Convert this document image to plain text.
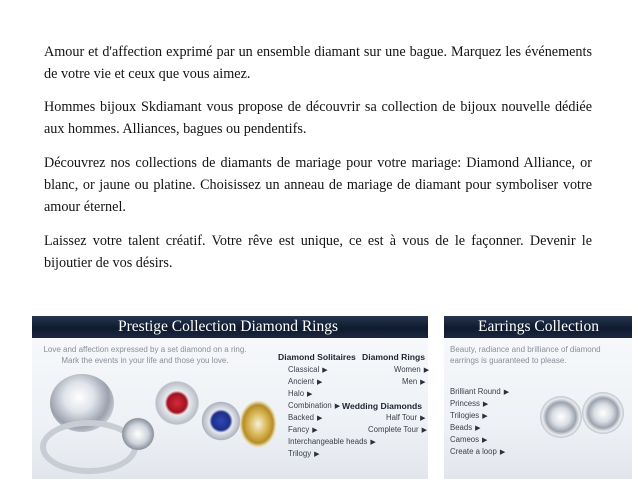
Amour et d'affection exprimé par un ensemble diamant sur une bague. Marquez les événements de votre vie et ceux que vous aimez.

Hommes bijoux Skdiamant vous propose de découvrir sa collection de bijoux nouvelle dédiée aux hommes. Alliances, bagues ou pendentifs.

Découvrez nos collections de diamants de mariage pour votre mariage: Diamond Alliance, or blanc, or jaune ou platine. Choisissez un anneau de mariage de diamant pour symboliser votre amour éternel.

Laissez votre talent créatif. Votre rêve est unique, ce est à vous de le façonner. Devenir le bijoutier de vos désirs.

Prestige Collection Diamond Rings
Love and affection expressed by a set diamond on a ring. Mark the events in your life and those you love.	Diamond Solitaires Diamond Rings
Classical ▶
Ancient ▶
Halo ▶
Combination ▶
Backed ▶
Fancy ▶
Interchangeable heads ▶
Trilogy ▶
Women ▶
Men ▶
Wedding Diamonds
Half Tour ▶
Complete Tour ▶
Earrings Collection
Beauty, radiance and brilliance of diamond earrings is guaranteed to please.
Brilliant Round ▶
Princess ▶
Trilogies ▶
Beads ▶
Cameos ▶
Create a loop ▶
